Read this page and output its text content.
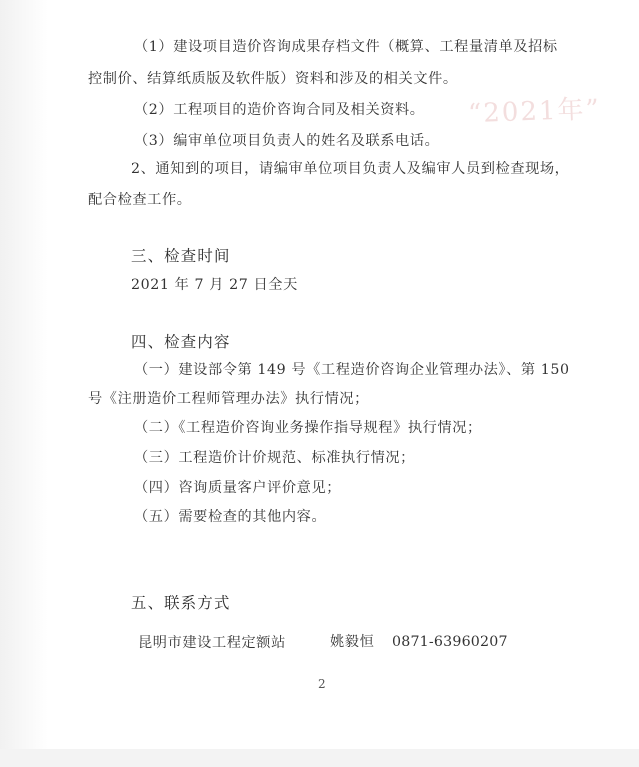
“2021年”
（1）建设项目造价咨询成果存档文件（概算、工程量清单及招标
控制价、结算纸质版及软件版）资料和涉及的相关文件。
（2）工程项目的造价咨询合同及相关资料。
（3）编审单位项目负责人的姓名及联系电话。
2、通知到的项目，请编审单位项目负责人及编审人员到检查现场，
配合检查工作。
三、检查时间
2021 年 7 月 27 日全天
四、检查内容
（一）建设部令第 149 号《工程造价咨询企业管理办法》、第 150
号《注册造价工程师管理办法》执行情况；
（二）《工程造价咨询业务操作指导规程》执行情况；
（三）工程造价计价规范、标准执行情况；
（四）咨询质量客户评价意见；
（五）需要检查的其他内容。
五、联系方式
昆明市建设工程定额站	姚毅恒 0871-63960207
2
